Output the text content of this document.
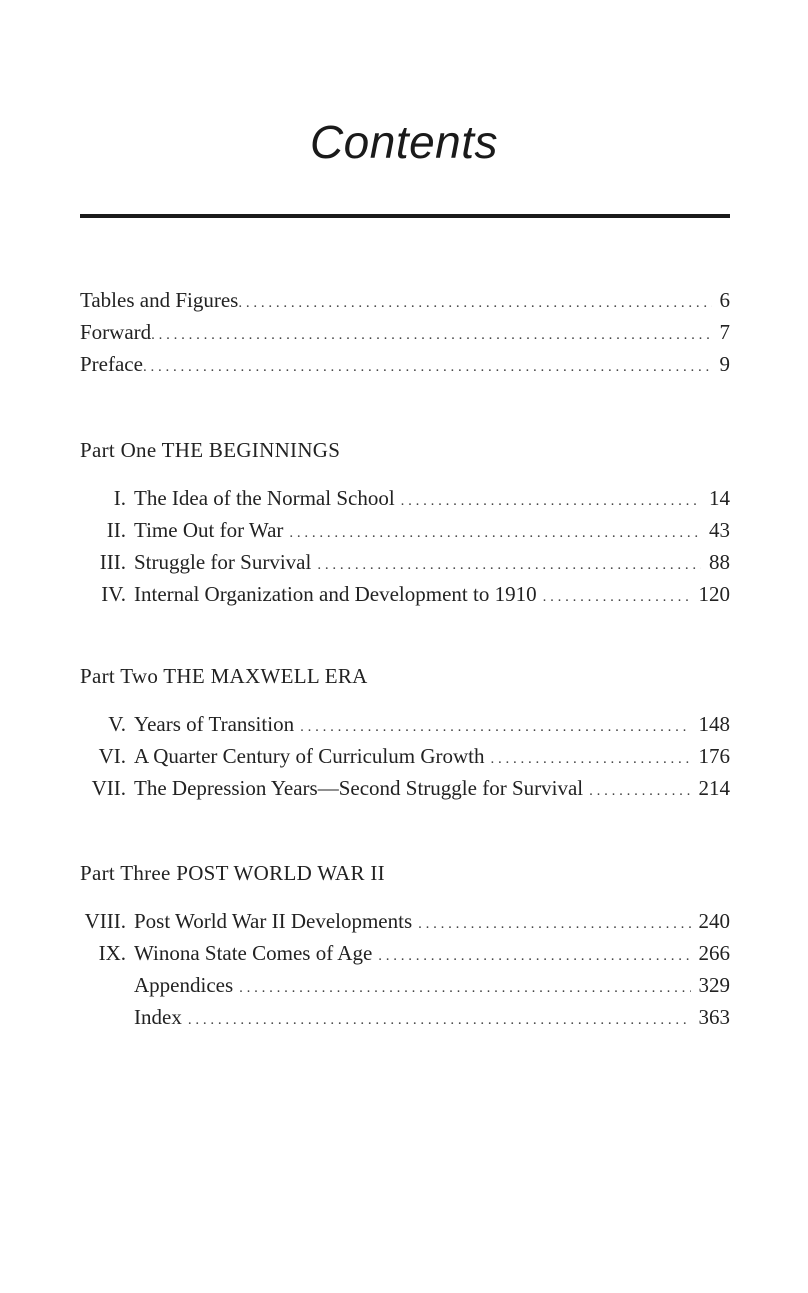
Contents
Tables and Figures . . .	6
Forward . . .	7
Preface . . .	9
Part One THE BEGINNINGS
I. The Idea of the Normal School . . .	14
II. Time Out for War . . .	43
III. Struggle for Survival . . .	88
IV. Internal Organization and Development to 1910 . . .	120
Part Two THE MAXWELL ERA
V. Years of Transition . . .	148
VI. A Quarter Century of Curriculum Growth . . .	176
VII. The Depression Years—Second Struggle for Survival . . .	214
Part Three POST WORLD WAR II
VIII. Post World War II Developments . . .	240
IX. Winona State Comes of Age . . .	266
Appendices . . .	329
Index . . .	363
